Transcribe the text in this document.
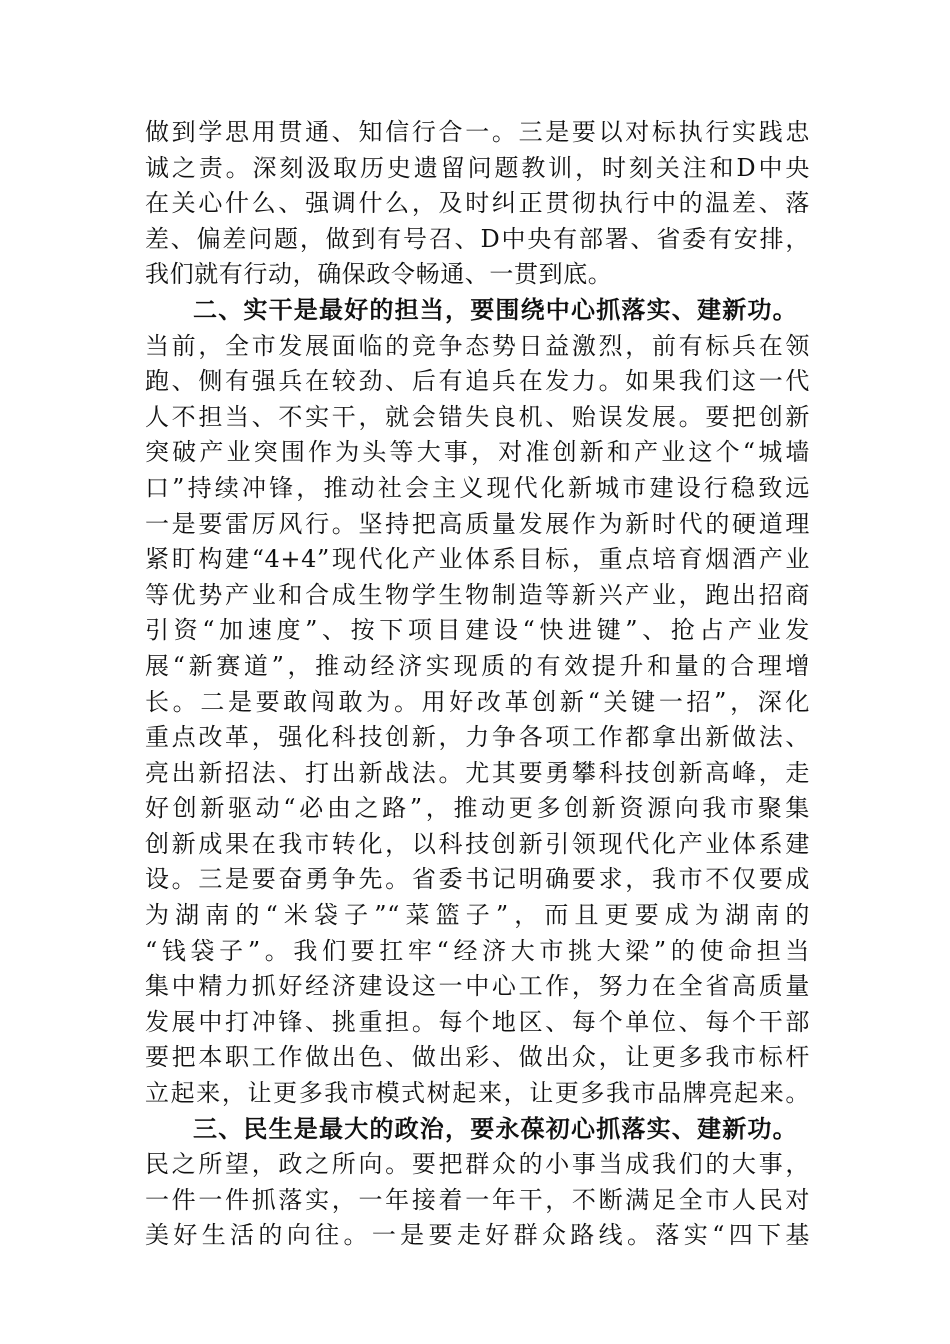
做到学思用贯通、知信行合一。三是要以对标执行实践忠
诚之责。深刻汲取历史遗留问题教训，时刻关注和D中央
在关心什么、强调什么，及时纠正贯彻执行中的温差、落
差、偏差问题，做到有号召、D中央有部署、省委有安排，
我们就有行动，确保政令畅通、一贯到底。
二、实干是最好的担当，要围绕中心抓落实、建新功。
当前，全市发展面临的竞争态势日益激烈，前有标兵在领
跑、侧有强兵在较劲、后有追兵在发力。如果我们这一代
人不担当、不实干，就会错失良机、贻误发展。要把创新
突破产业突围作为头等大事，对准创新和产业这个“城墙
口”持续冲锋，推动社会主义现代化新城市建设行稳致远
一是要雷厉风行。坚持把高质量发展作为新时代的硬道理
紧盯构建“4+4”现代化产业体系目标，重点培育烟酒产业
等优势产业和合成生物学生物制造等新兴产业，跑出招商
引资“加速度”、按下项目建设“快进键”、抢占产业发
展“新赛道”，推动经济实现质的有效提升和量的合理增
长。二是要敢闯敢为。用好改革创新“关键一招”，深化
重点改革，强化科技创新，力争各项工作都拿出新做法、
亮出新招法、打出新战法。尤其要勇攀科技创新高峰，走
好创新驱动“必由之路”，推动更多创新资源向我市聚集
创新成果在我市转化，以科技创新引领现代化产业体系建
设。三是要奋勇争先。省委书记明确要求，我市不仅要成
为湖南的“米袋子”“菜篮子”，而且更要成为湖南的
“钱袋子”。我们要扛牢“经济大市挑大梁”的使命担当
集中精力抓好经济建设这一中心工作，努力在全省高质量
发展中打冲锋、挑重担。每个地区、每个单位、每个干部
要把本职工作做出色、做出彩、做出众，让更多我市标杆
立起来，让更多我市模式树起来，让更多我市品牌亮起来。
三、民生是最大的政治，要永葆初心抓落实、建新功。
民之所望，政之所向。要把群众的小事当成我们的大事，
一件一件抓落实，一年接着一年干，不断满足全市人民对
美好生活的向往。一是要走好群众路线。落实“四下基
